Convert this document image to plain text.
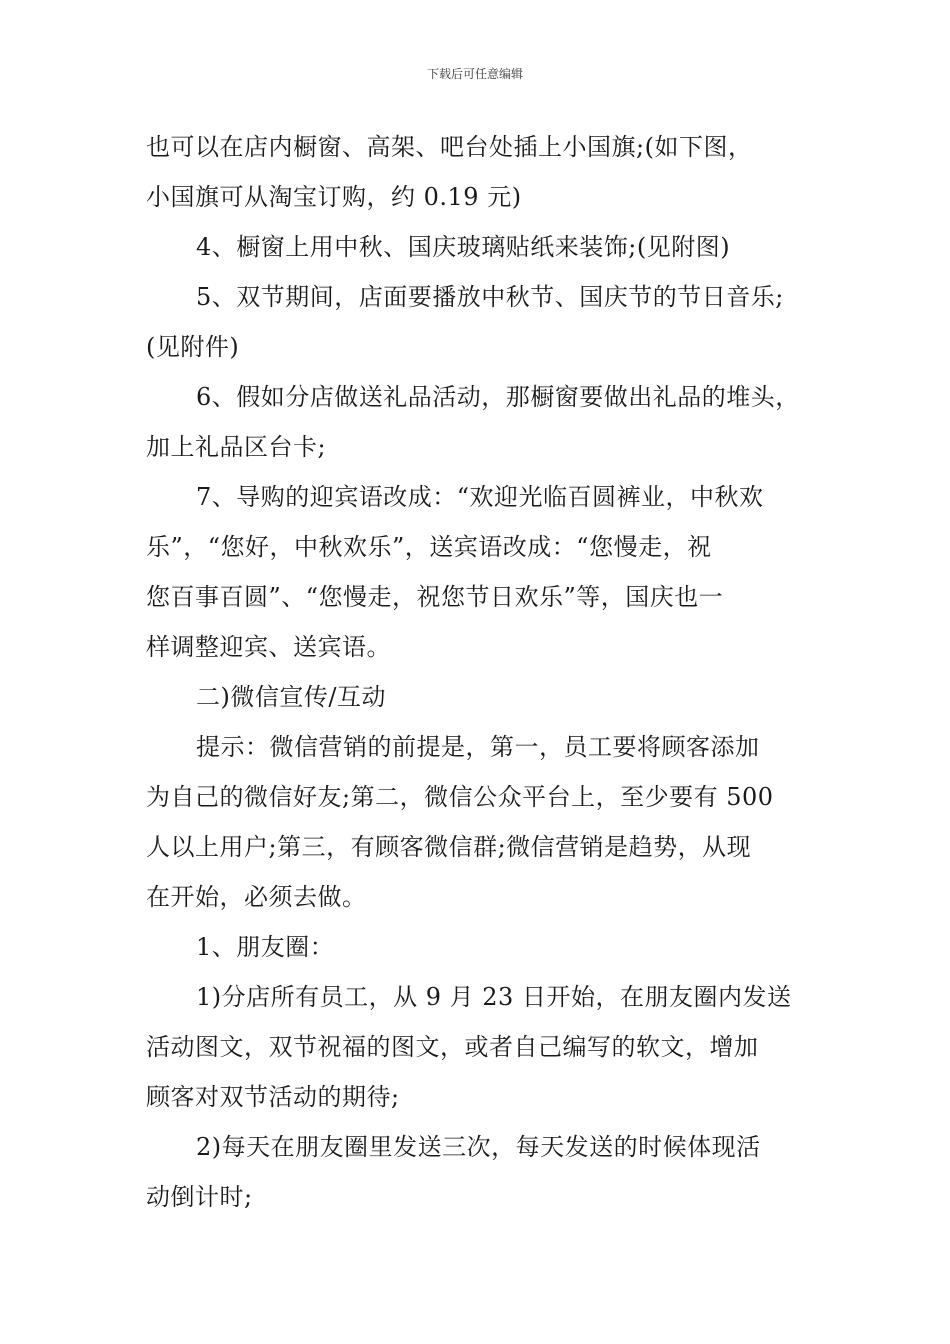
下载后可任意编辑
也可以在店内橱窗、高架、吧台处插上小国旗;(如下图，
小国旗可从淘宝订购，约 0.19 元)
4、橱窗上用中秋、国庆玻璃贴纸来装饰;(见附图)
5、双节期间，店面要播放中秋节、国庆节的节日音乐;
(见附件)
6、假如分店做送礼品活动，那橱窗要做出礼品的堆头，
加上礼品区台卡;
7、导购的迎宾语改成：“欢迎光临百圆裤业，中秋欢
乐”，“您好，中秋欢乐”，送宾语改成：“您慢走，祝
您百事百圆”、“您慢走，祝您节日欢乐”等，国庆也一
样调整迎宾、送宾语。
二)微信宣传/互动
提示：微信营销的前提是，第一，员工要将顾客添加
为自己的微信好友;第二，微信公众平台上，至少要有 500
人以上用户;第三，有顾客微信群;微信营销是趋势，从现
在开始，必须去做。
1、朋友圈：
1)分店所有员工，从 9 月 23 日开始，在朋友圈内发送
活动图文，双节祝福的图文，或者自己编写的软文，增加
顾客对双节活动的期待;
2)每天在朋友圈里发送三次，每天发送的时候体现活
动倒计时;
